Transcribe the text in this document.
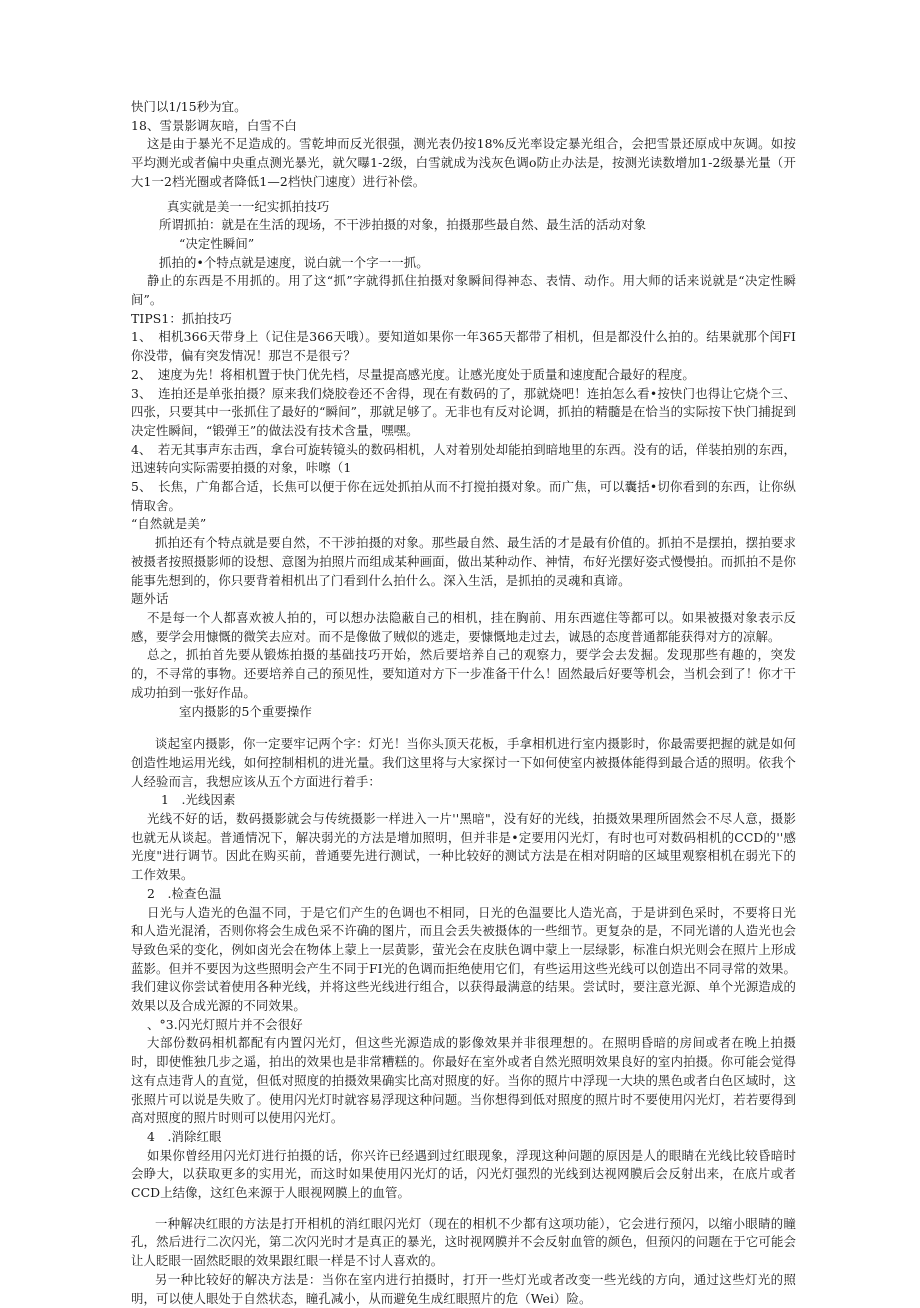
快门以1/15秒为宜。

18、雪景影调灰暗，白雪不白

这是由于暴光不足造成的。雪乾坤而反光很强，测光表仍按18%反光率设定暴光组合，会把雪景还原成中灰调。如按平均测光或者偏中央重点测光暴光，就欠曝1-2级，白雪就成为浅灰色调o防止办法是，按测光读数增加1-2级暴光量（开大1一2档光圈或者降低1—2档快门速度）进行补偿。

真实就是美一一纪实抓拍技巧

所谓抓拍：就是在生活的现场，不干涉拍摄的对象，拍摄那些最自然、最生活的活动对象

“决定性瞬间”

抓拍的•个特点就是速度，说白就一个字一一抓。

静止的东西是不用抓的。用了这“抓”字就得抓住拍摄对象瞬间得神态、表情、动作。用大师的话来说就是“决定性瞬间”。

TIPS1：抓拍技巧

1、　相机366天带身上（记住是366天哦）。要知道如果你一年365天都带了相机，但是都没什么拍的。结果就那个闰FI你没带，偏有突发情况！那岂不是很亏？

2、　速度为先！将相机置于快门优先档，尽量提高感光度。让感光度处于质量和速度配合最好的程度。

3、　连拍还是单张拍摄？原来我们烧胶卷还不舍得，现在有数码的了，那就烧吧！连拍怎么看•按快门也得让它烧个三、四张，只要其中一张抓住了最好的“瞬间”，那就足够了。无非也有反对论调，抓拍的精髓是在恰当的实际按下快门捕捉到决定性瞬间，“锻弹王”的做法没有技术含量，嘿嘿。

4、　若无其事声东击西，拿台可旋转镜头的数码相机，人对着别处却能拍到暗地里的东西。没有的话，佯装拍别的东西，迅速转向实际需要拍摄的对象，咔嚓（1

5、　长焦，广角都合适，长焦可以便于你在远处抓拍从而不打搅拍摄对象。而广焦，可以囊括•切你看到的东西，让你纵情取舍。

“自然就是美”

抓拍还有个特点就是要自然，不干涉拍摄的对象。那些最自然、最生活的才是最有价值的。抓拍不是摆拍，摆拍要求被摄者按照摄影师的设想、意图为拍照片而组成某种画面，做出某种动作、神情，布好光摆好姿式慢慢拍。而抓拍不是你能事先想到的，你只要背着相机出了门看到什么拍什么。深入生活，是抓拍的灵魂和真谛。

题外话

不是每一个人都喜欢被人拍的，可以想办法隐蔽自己的相机，挂在胸前、用东西遮住等都可以。如果被摄对象表示反感，要学会用慷慨的微笑去应对。而不是像做了贼似的逃走，要慷慨地走过去，诚恳的态度普通都能获得对方的凉解。

总之，抓拍首先要从锻炼拍摄的基础技巧开始，然后要培养自己的观察力，要学会去发掘。发现那些有趣的，突发的，不寻常的事物。还要培养自己的预见性，要知道对方下一步准备干什么！固然最后好要等机会，当机会到了！你才干成功拍到一张好作品。

室内摄影的5个重要操作

谈起室内摄影，你一定要牢记两个字：灯光！当你头顶天花板，手拿相机进行室内摄影时，你最需要把握的就是如何创造性地运用光线，如何控制相机的进光量。我们这里将与大家探讨一下如何使室内被摄体能得到最合适的照明。依我个人经验而言，我想应该从五个方面进行着手：

1　.光线因素

光线不好的话，数码摄影就会与传统摄影一样进入一片''黑暗"，没有好的光线，拍摄效果理所固然会不尽人意，摄影也就无从谈起。普通情况下，解决弱光的方法是增加照明，但并非是•定要用闪光灯，有时也可对数码相机的CCD的''感光度"进行调节。因此在购买前，普通要先进行测试，一种比较好的测试方法是在相对阴暗的区域里观察相机在弱光下的工作效果。

2　.检查色温

日光与人造光的色温不同，于是它们产生的色调也不相同，日光的色温要比人造光高，于是讲到色采时，不要将日光和人造光混淆，否则你将会生成色采不许确的图片，而且会丢失被摄体的一些细节。更复杂的是，不同光谱的人造光也会导致色采的变化，例如卤光会在物体上蒙上一层黄影，萤光会在皮肤色调中蒙上一层绿影，标准白炽光则会在照片上形成蓝影。但并不要因为这些照明会产生不同于FI光的色调而拒绝使用它们，有些运用这些光线可以创造出不同寻常的效果。我们建议你尝试着使用各种光线，并将这些光线进行组合，以获得最满意的结果。尝试时，要注意光源、单个光源造成的效果以及合成光源的不同效果。

、°3.闪光灯照片并不会很好

大部份数码相机都配有内置闪光灯，但这些光源造成的影像效果并非很理想的。在照明昏暗的房间或者在晚上拍摄时，即使惟独几步之遥，拍出的效果也是非常糟糕的。你最好在室外或者自然光照明效果良好的室内拍摄。你可能会觉得这有点违背人的直觉，但低对照度的拍摄效果确实比高对照度的好。当你的照片中浮现一大块的黑色或者白色区域时，这张照片可以说是失败了。使用闪光灯时就容易浮现这种问题。当你想得到低对照度的照片时不要使用闪光灯，若若要得到高对照度的照片时则可以使用闪光灯。

4　.消除红眼

如果你曾经用闪光灯进行拍摄的话，你兴许已经遇到过红眼现象，浮现这种问题的原因是人的眼睛在光线比较昏暗时会睁大，以获取更多的实用光，而这时如果使用闪光灯的话，闪光灯强烈的光线到达视网膜后会反射出来，在底片或者CCD上结像，这红色来源于人眼视网膜上的血管。

一种解决红眼的方法是打开相机的消红眼闪光灯（现在的相机不少都有这项功能），它会进行预闪，以缩小眼睛的瞳孔，然后进行二次闪光，第二次闪光时才是真正的暴光，这时视网膜并不会反射血管的颜色，但预闪的问题在于它可能会让人眨眼一固然眨眼的效果跟红眼一样是不讨人喜欢的。

另一种比较好的解决方法是：当你在室内进行拍摄时，打开一些灯光或者改变一些光线的方向，通过这些灯光的照明，可以使人眼处于自然状态，瞳孔减小，从而避免生成红眼照片的危（Wei）险。
